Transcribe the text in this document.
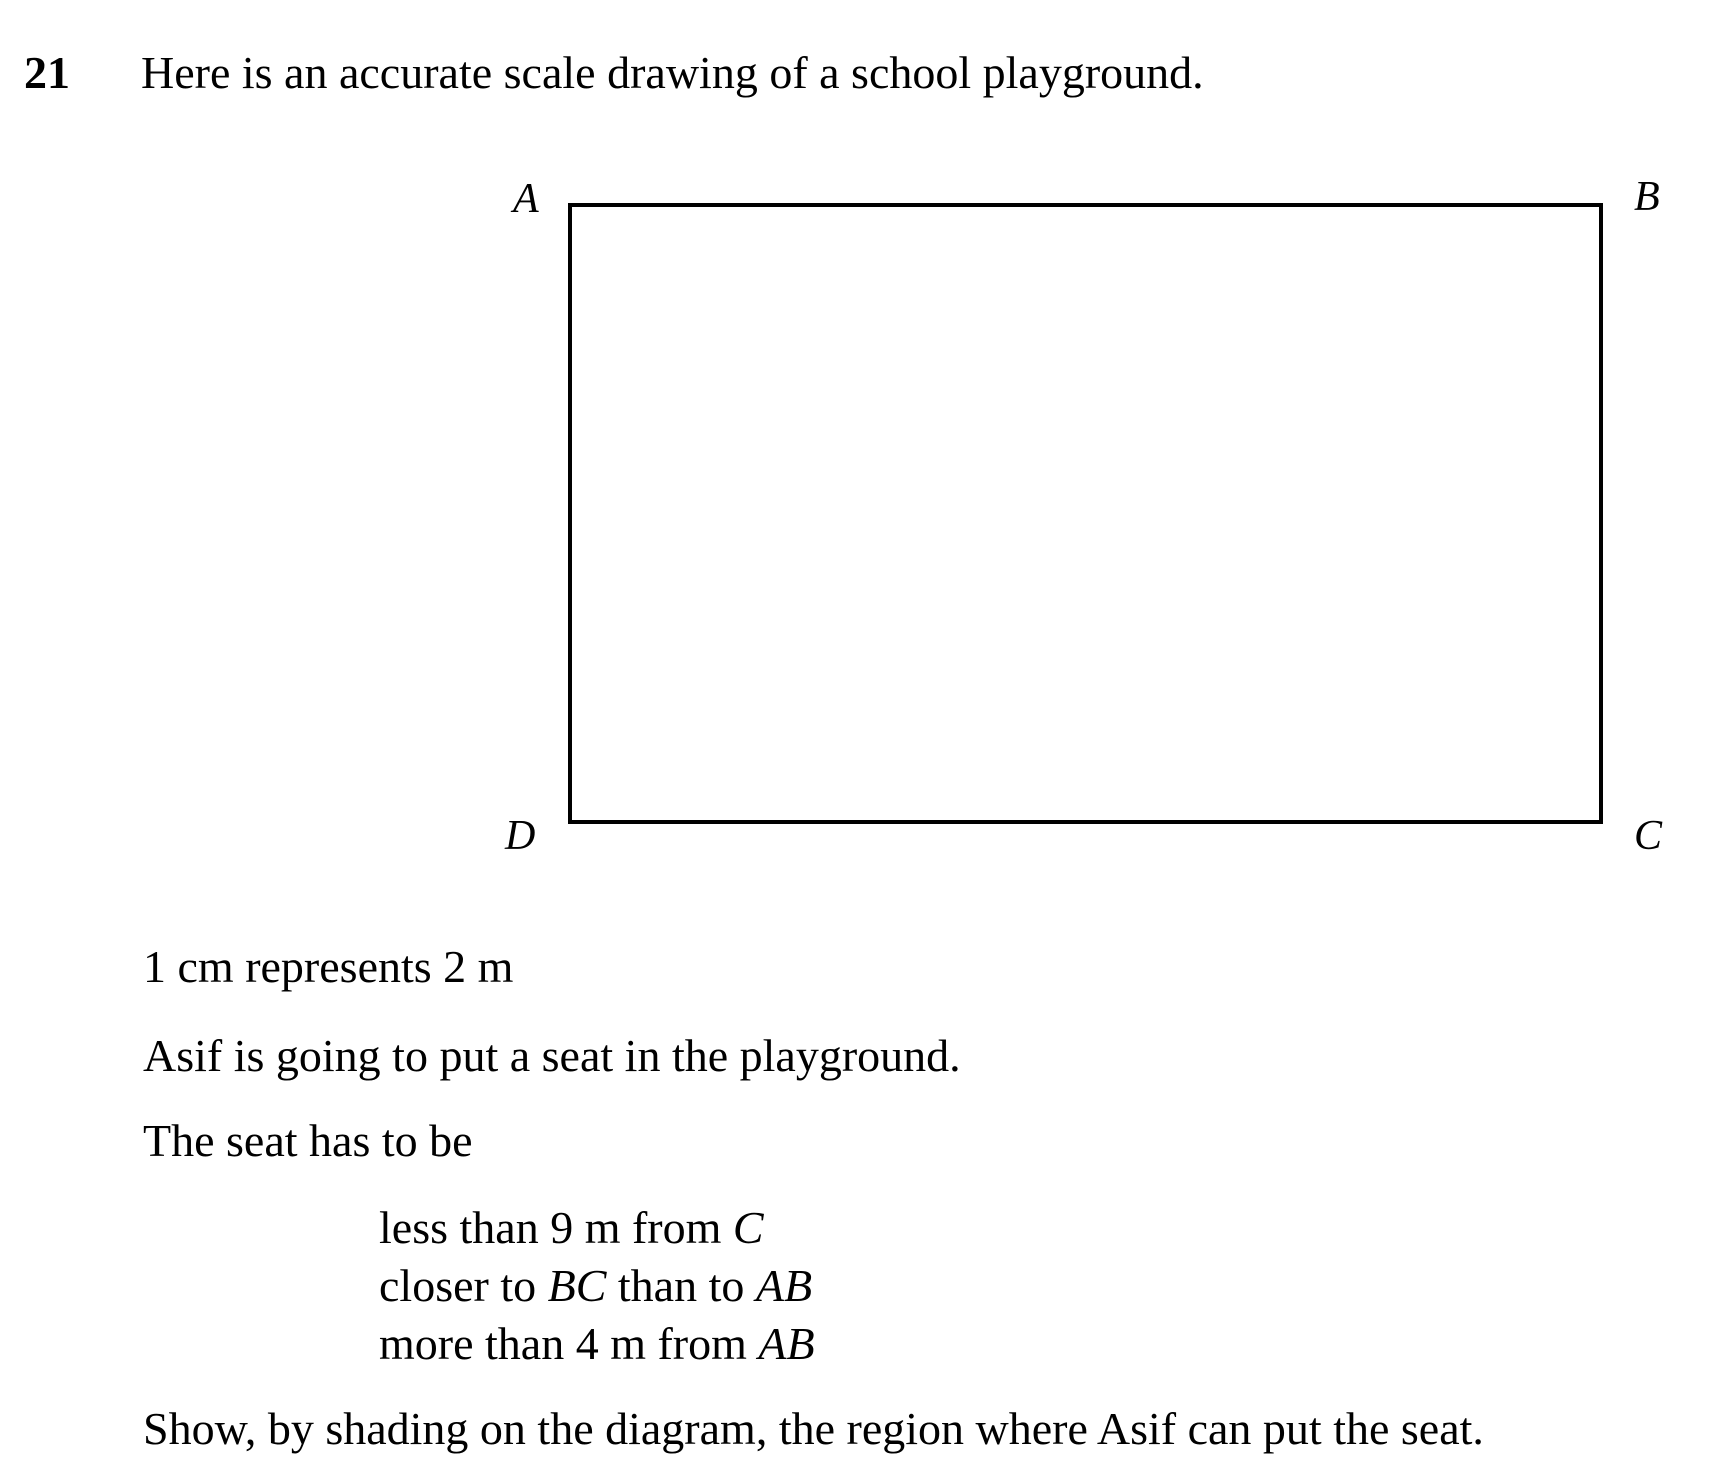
21 Here is an accurate scale drawing of a school playground.
A	B
C
D
1 cm represents 2 m
Asif is going to put a seat in the playground.
The seat has to be
less than 9 m from C
closer to BC than to AB
more than 4 m from AB
Show, by shading on the diagram, the region where Asif can put the seat.
